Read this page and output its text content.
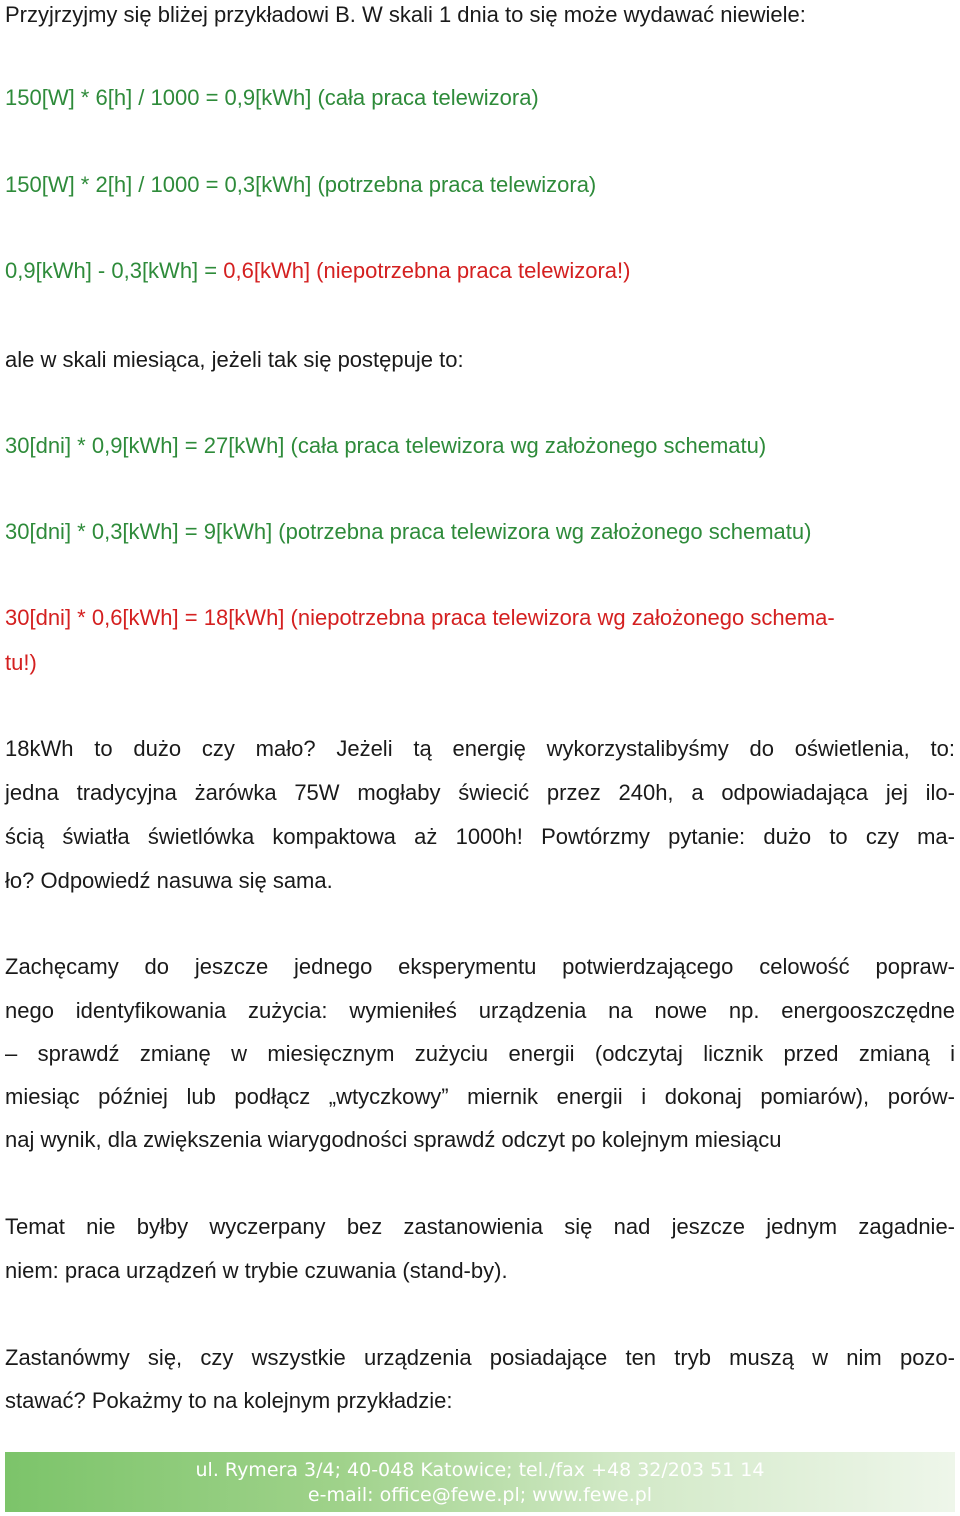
Przyjrzyjmy się bliżej przykładowi B. W skali 1 dnia to się może wydawać niewiele:
150[W] * 6[h] / 1000 = 0,9[kWh] (cała praca telewizora)
150[W] * 2[h] / 1000 = 0,3[kWh] (potrzebna praca telewizora)
0,9[kWh] - 0,3[kWh] = 0,6[kWh] (niepotrzebna praca telewizora!)
ale w skali miesiąca, jeżeli tak się postępuje to:
30[dni] * 0,9[kWh] = 27[kWh] (cała praca telewizora wg założonego schematu)
30[dni] * 0,3[kWh] = 9[kWh] (potrzebna praca telewizora wg założonego schematu)
30[dni] * 0,6[kWh] = 18[kWh] (niepotrzebna praca telewizora wg założonego schema-
tu!)
18kWh to dużo czy mało? Jeżeli tą energię wykorzystalibyśmy do oświetlenia, to:
jedna tradycyjna żarówka 75W mogłaby świecić przez 240h, a odpowiadająca jej ilo-
ścią światła świetlówka kompaktowa aż 1000h! Powtórzmy pytanie: dużo to czy ma-
ło? Odpowiedź nasuwa się sama.
Zachęcamy do jeszcze jednego eksperymentu potwierdzającego celowość popraw-
nego identyfikowania zużycia: wymieniłeś urządzenia na nowe np. energooszczędne
– sprawdź zmianę w miesięcznym zużyciu energii (odczytaj licznik przed zmianą i
miesiąc później lub podłącz „wtyczkowy” miernik energii i dokonaj pomiarów), porów-
naj wynik, dla zwiększenia wiarygodności sprawdź odczyt po kolejnym miesiącu
Temat nie byłby wyczerpany bez zastanowienia się nad jeszcze jednym zagadnie-
niem: praca urządzeń w trybie czuwania (stand-by).
Zastanówmy się, czy wszystkie urządzenia posiadające ten tryb muszą w nim pozo-
stawać? Pokażmy to na kolejnym przykładzie:
ul. Rymera 3/4; 40-048 Katowice; tel./fax +48 32/203 51 14
e-mail: office@fewe.pl; www.fewe.pl
